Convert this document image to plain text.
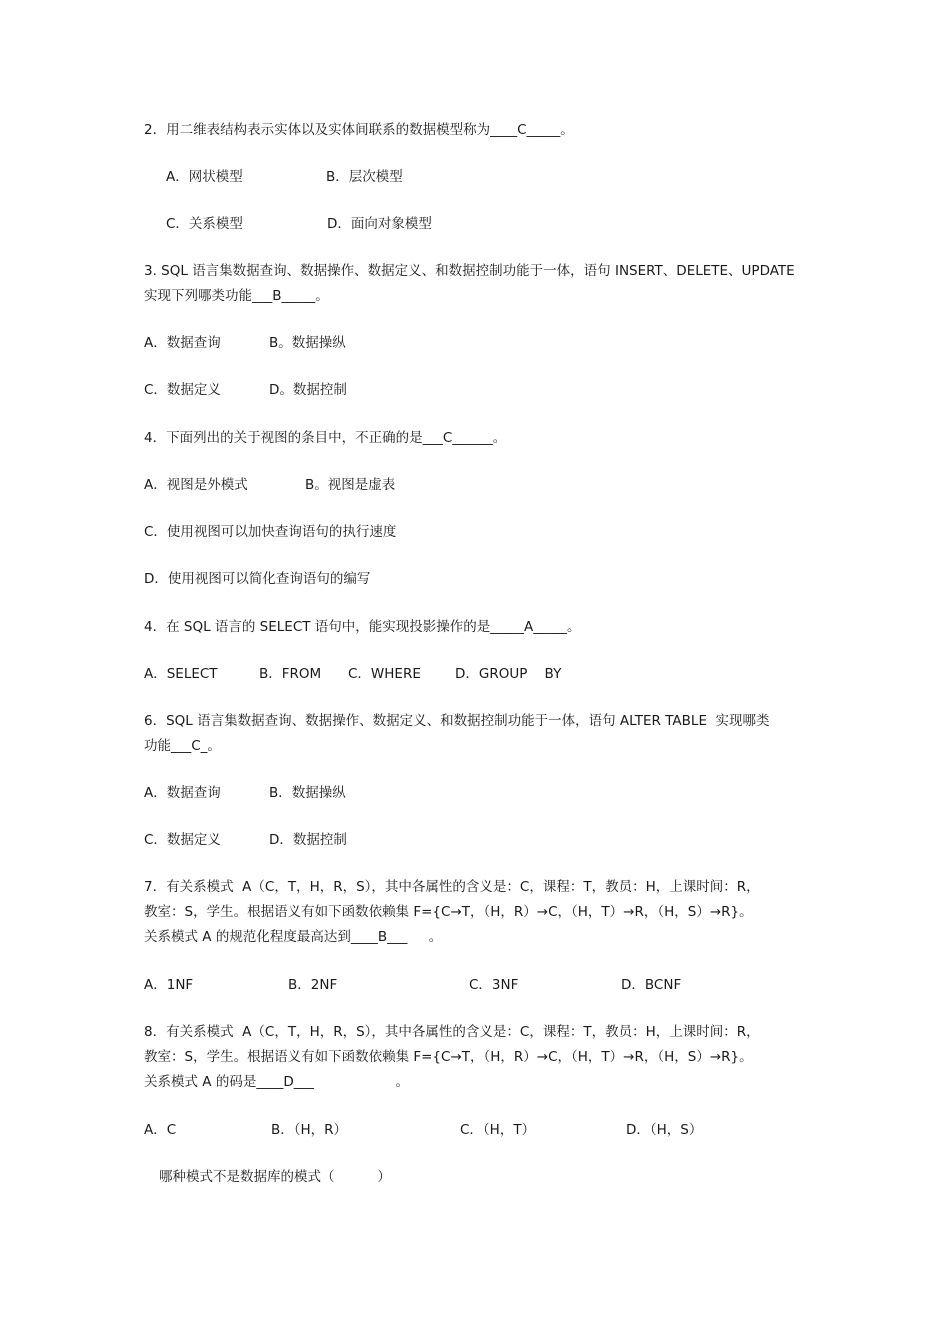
2．用二维表结构表示实体以及实体间联系的数据模型称为____C_____。
A．网状模型	B．层次模型
C．关系模型	D．面向对象模型
3. SQL 语言集数据查询、数据操作、数据定义、和数据控制功能于一体，语句 INSERT、DELETE、UPDATE
实现下列哪类功能___B_____。
A．数据查询	B。数据操纵
C．数据定义	D。数据控制
4．下面列出的关于视图的条目中，不正确的是___C______。
A．视图是外模式	B。视图是虚表
C．使用视图可以加快查询语句的执行速度
D．使用视图可以简化查询语句的编写
4．在 SQL 语言的 SELECT 语句中，能实现投影操作的是_____A_____。
A．SELECT	B．FROM C．WHERE	D．GROUP    BY
6．SQL 语言集数据查询、数据操作、数据定义、和数据控制功能于一体，语句 ALTER TABLE  实现哪类
功能___C_。
A．数据查询	B．数据操纵
C．数据定义	D．数据控制
7．有关系模式  A（C，T，H，R，S），其中各属性的含义是：C，课程：T，教员：H，上课时间：R，
教室：S，学生。根据语义有如下函数依赖集 F={C→T，（H，R）→C，（H，T）→R，（H，S）→R}。
关系模式 A 的规范化程度最高达到____B___     。
A．1NF	B．2NF	C．3NF	D．BCNF
8．有关系模式  A（C，T，H，R，S），其中各属性的含义是：C，课程：T，教员：H，上课时间：R，
教室：S，学生。根据语义有如下函数依赖集 F={C→T，（H，R）→C，（H，T）→R，（H，S）→R}。
关系模式 A 的码是____D___                   。
A．C	B．（H，R）	C．（H，T）	D．（H，S）
哪种模式不是数据库的模式（          ）
